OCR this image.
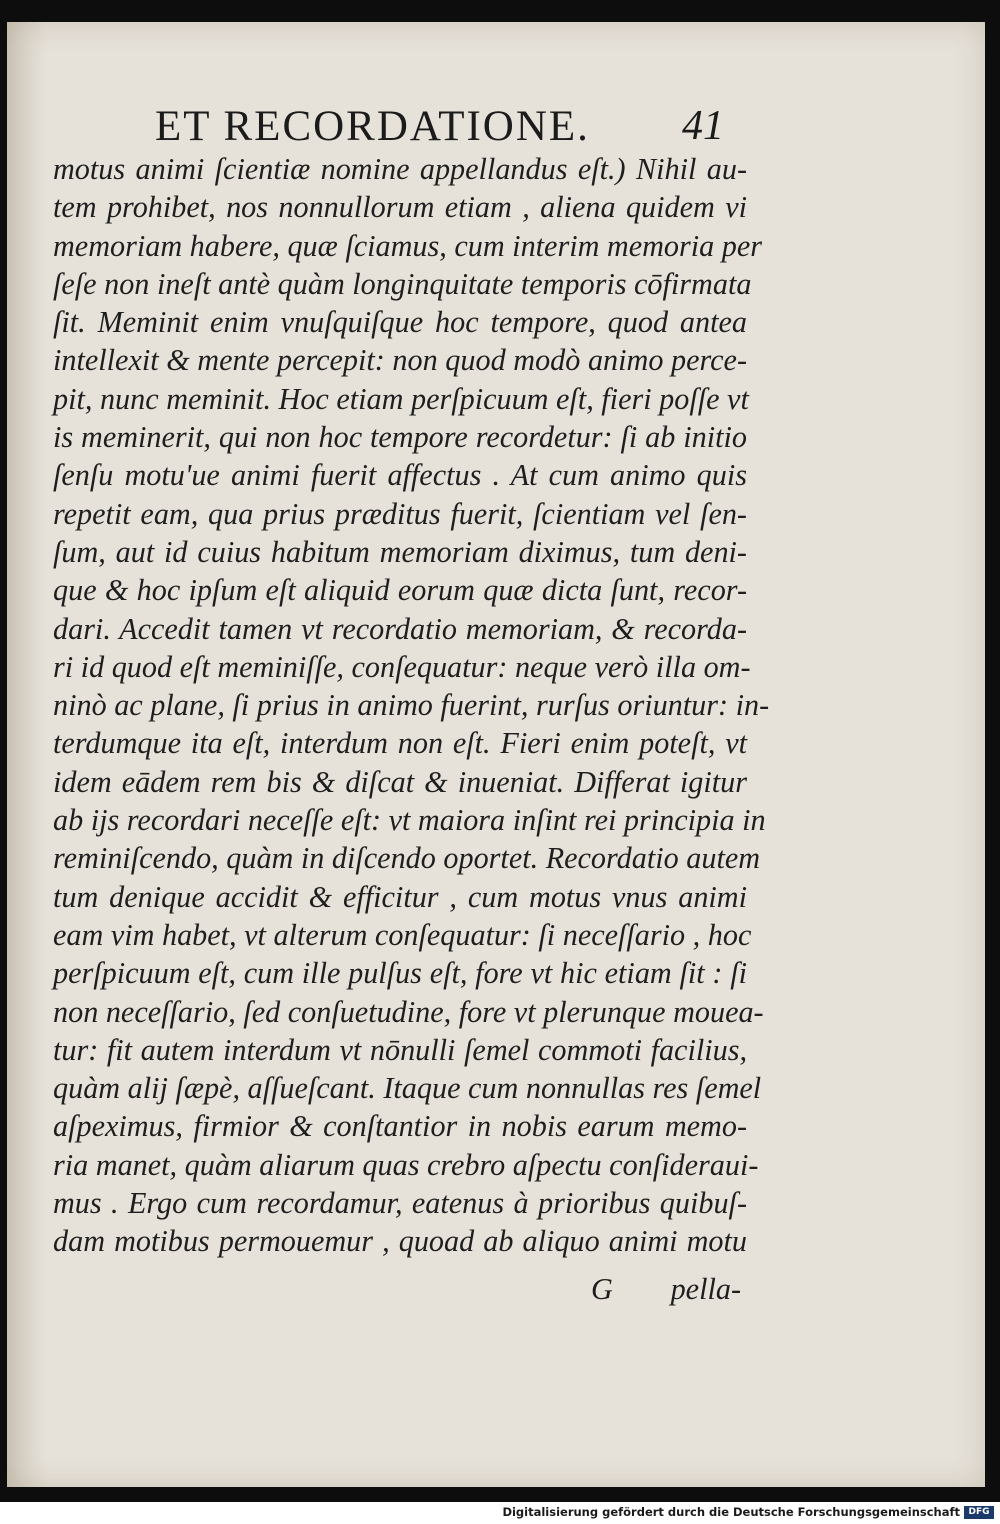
ET RECORDATIONE. 41
motus animi ſcientiæ nomine appellandus eſt.) Nihil au-
tem prohibet, nos nonnullorum etiam , aliena quidem vi
memoriam habere, quæ ſciamus, cum interim memoria per
ſeſe non ineſt antè quàm longinquitate temporis cōfirmata
ſit. Meminit enim vnuſquiſque hoc tempore, quod antea
intellexit & mente percepit: non quod modò animo perce-
pit, nunc meminit. Hoc etiam perſpicuum eſt, fieri poſſe vt
is meminerit, qui non hoc tempore recordetur: ſi ab initio
ſenſu motu'ue animi fuerit affectus . At cum animo quis
repetit eam, qua prius præditus fuerit, ſcientiam vel ſen-
ſum, aut id cuius habitum memoriam diximus, tum deni-
que & hoc ipſum eſt aliquid eorum quæ dicta ſunt, recor-
dari. Accedit tamen vt recordatio memoriam, & recorda-
ri id quod eſt meminiſſe, conſequatur: neque verò illa om-
ninò ac plane, ſi prius in animo fuerint, rurſus oriuntur: in-
terdumque ita eſt, interdum non eſt. Fieri enim poteſt, vt
idem eādem rem bis & diſcat & inueniat. Differat igitur
ab ijs recordari neceſſe eſt: vt maiora inſint rei principia in
reminiſcendo, quàm in diſcendo oportet. Recordatio autem
tum denique accidit & efficitur , cum motus vnus animi
eam vim habet, vt alterum conſequatur: ſi neceſſario , hoc
perſpicuum eſt, cum ille pulſus eſt, fore vt hic etiam ſit : ſi
non neceſſario, ſed conſuetudine, fore vt plerunque moueа-
tur: fit autem interdum vt nōnulli ſemel commoti facilius,
quàm alij ſæpè, aſſueſcant. Itaque cum nonnullas res ſemel
aſpeximus, firmior & conſtantior in nobis earum memo-
ria manet, quàm aliarum quas crebro aſpectu conſiderаui-
mus . Ergo cum recordamur, eatenus à prioribus quibuſ-
dam motibus permouemur , quoad ab aliquo animi motu
G pella-
Digitalisierung gefördert durch die Deutsche Forschungsgemeinschaft DFG
